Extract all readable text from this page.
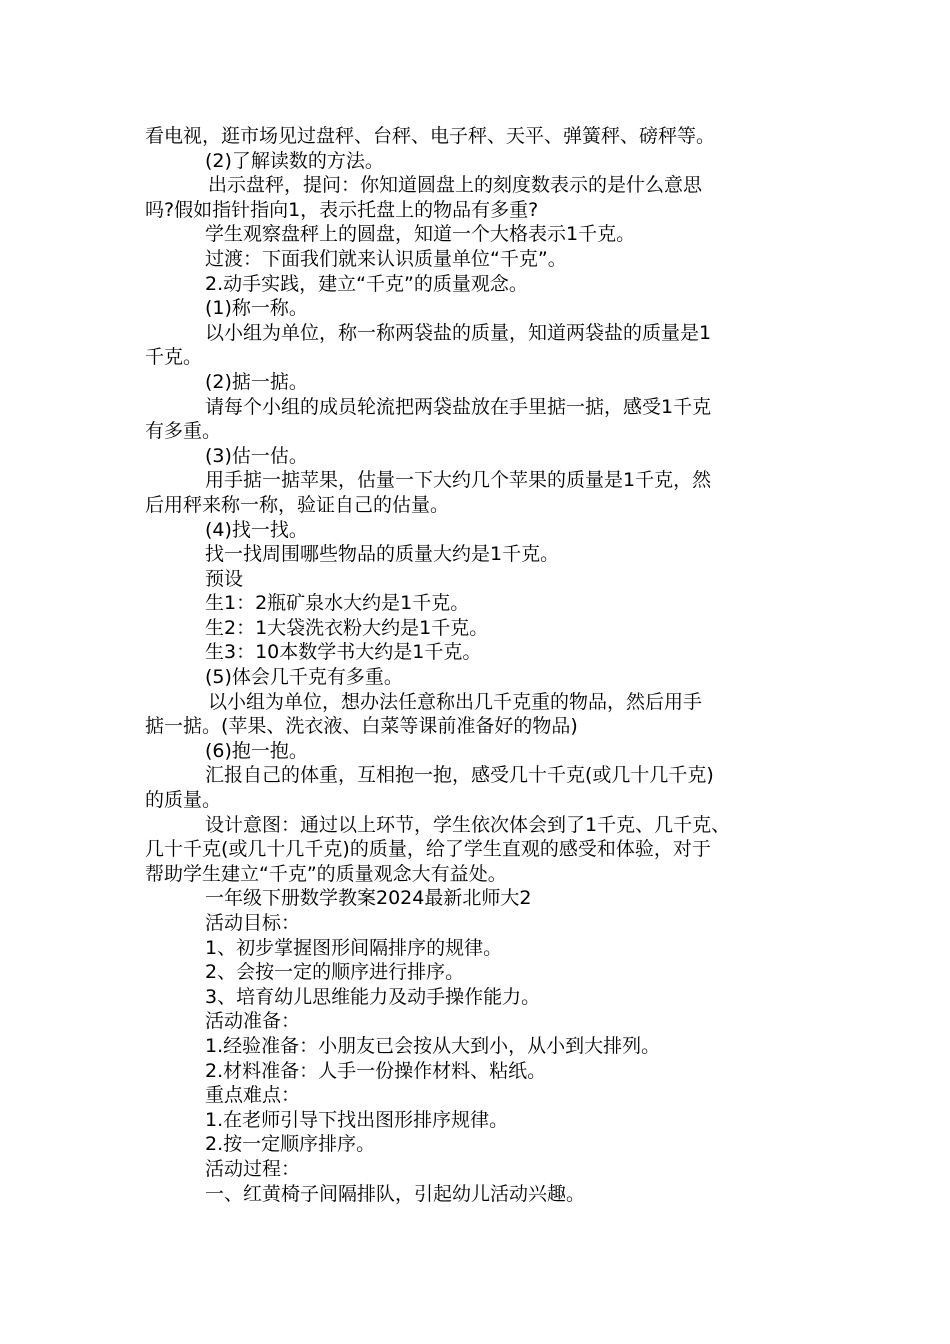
看电视，逛市场见过盘秤、台秤、电子秤、天平、弹簧秤、磅秤等。

(2)了解读数的方法。

出示盘秤，提问：你知道圆盘上的刻度数表示的是什么意思

吗?假如指针指向1，表示托盘上的物品有多重?

学生观察盘秤上的圆盘，知道一个大格表示1千克。

过渡：下面我们就来认识质量单位“千克”。

2.动手实践，建立“千克”的质量观念。

(1)称一称。

以小组为单位，称一称两袋盐的质量，知道两袋盐的质量是1

千克。

(2)掂一掂。

请每个小组的成员轮流把两袋盐放在手里掂一掂，感受1千克

有多重。

(3)估一估。

用手掂一掂苹果，估量一下大约几个苹果的质量是1千克，然

后用秤来称一称，验证自己的估量。

(4)找一找。

找一找周围哪些物品的质量大约是1千克。

预设

生1：2瓶矿泉水大约是1千克。

生2：1大袋洗衣粉大约是1千克。

生3：10本数学书大约是1千克。

(5)体会几千克有多重。

以小组为单位，想办法任意称出几千克重的物品，然后用手

掂一掂。(苹果、洗衣液、白菜等课前准备好的物品)

(6)抱一抱。

汇报自己的体重，互相抱一抱，感受几十千克(或几十几千克)

的质量。

设计意图：通过以上环节，学生依次体会到了1千克、几千克、

几十千克(或几十几千克)的质量，给了学生直观的感受和体验，对于

帮助学生建立“千克”的质量观念大有益处。

一年级下册数学教案2024最新北师大2

活动目标：

1、初步掌握图形间隔排序的规律。

2、会按一定的顺序进行排序。

3、培育幼儿思维能力及动手操作能力。

活动准备：

1.经验准备：小朋友已会按从大到小，从小到大排列。

2.材料准备：人手一份操作材料、粘纸。

重点难点：

1.在老师引导下找出图形排序规律。

2.按一定顺序排序。

活动过程：

一、红黄椅子间隔排队，引起幼儿活动兴趣。
